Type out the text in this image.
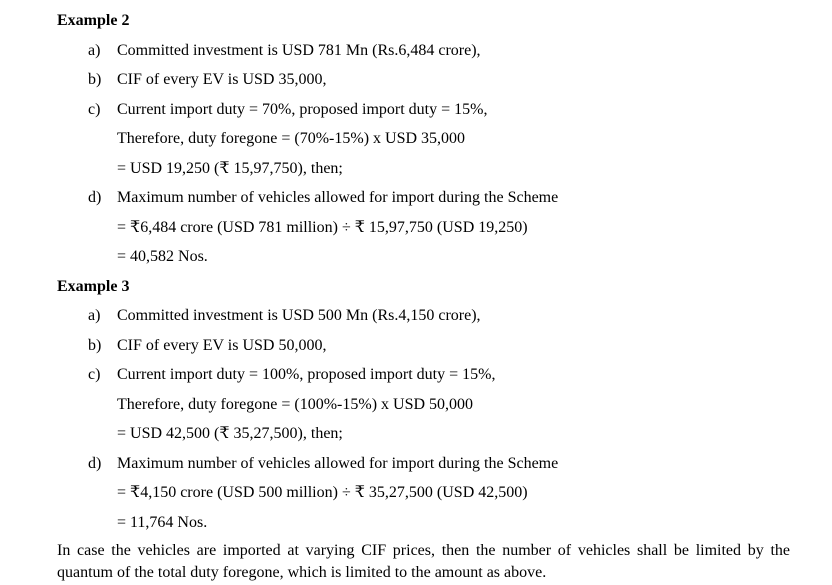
Example 2
a) Committed investment is USD 781 Mn (Rs.6,484 crore),
b) CIF of every EV is USD 35,000,
c) Current import duty = 70%, proposed import duty = 15%,
Therefore, duty foregone = (70%-15%) x USD 35,000
= USD 19,250 (₹ 15,97,750), then;
d) Maximum number of vehicles allowed for import during the Scheme
= ₹6,484 crore (USD 781 million) ÷ ₹ 15,97,750 (USD 19,250)
= 40,582 Nos.
Example 3
a) Committed investment is USD 500 Mn (Rs.4,150 crore),
b) CIF of every EV is USD 50,000,
c) Current import duty = 100%, proposed import duty = 15%,
Therefore, duty foregone = (100%-15%) x USD 50,000
= USD 42,500 (₹ 35,27,500), then;
d) Maximum number of vehicles allowed for import during the Scheme
= ₹4,150 crore (USD 500 million) ÷ ₹ 35,27,500 (USD 42,500)
= 11,764 Nos.

In case the vehicles are imported at varying CIF prices, then the number of vehicles shall be limited by the quantum of the total duty foregone, which is limited to the amount as above.
